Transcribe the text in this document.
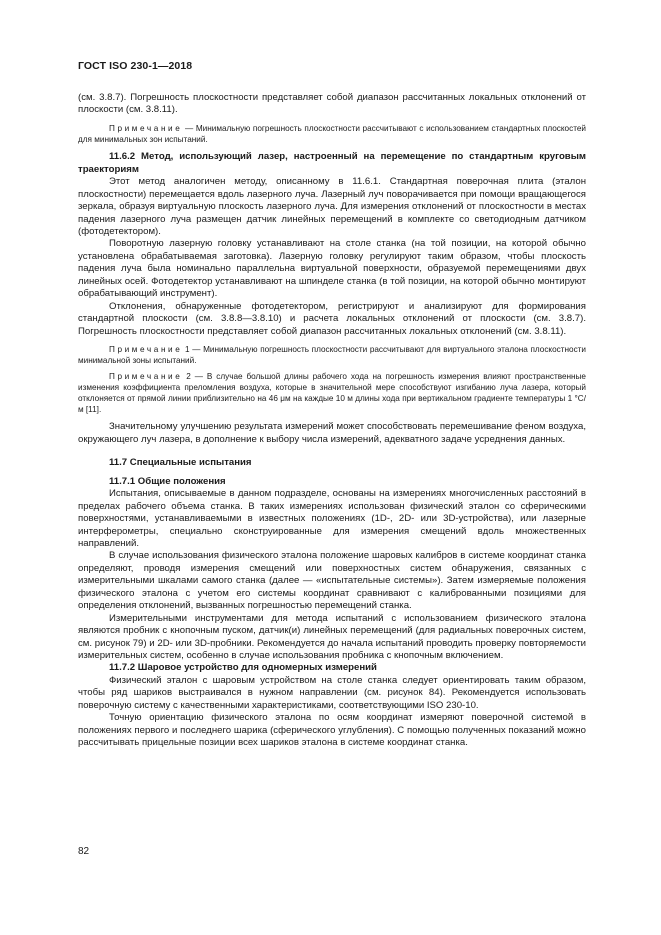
ГОСТ ISO 230-1—2018

(см. 3.8.7). Погрешность плоскостности представляет собой диапазон рассчитанных локальных отклонений от плоскости (см. 3.8.11).

Примечание — Минимальную погрешность плоскостности рассчитывают с использованием стандартных плоскостей для минимальных зон испытаний.

11.6.2 Метод, использующий лазер, настроенный на перемещение по стандартным круговым траекториям

Этот метод аналогичен методу, описанному в 11.6.1. Стандартная поверочная плита (эталон плоскостности) перемещается вдоль лазерного луча. Лазерный луч поворачивается при помощи вращающегося зеркала, образуя виртуальную плоскость лазерного луча. Для измерения отклонений от плоскостности в местах падения лазерного луча размещен датчик линейных перемещений в комплекте со светодиодным датчиком (фотодетектором).

Поворотную лазерную головку устанавливают на столе станка (на той позиции, на которой обычно установлена обрабатываемая заготовка). Лазерную головку регулируют таким образом, чтобы плоскость падения луча была номинально параллельна виртуальной поверхности, образуемой перемещениями двух линейных осей. Фотодетектор устанавливают на шпинделе станка (в той позиции, на которой обычно монтируют обрабатывающий инструмент).

Отклонения, обнаруженные фотодетектором, регистрируют и анализируют для формирования стандартной плоскости (см. 3.8.8—3.8.10) и расчета локальных отклонений от плоскости (см. 3.8.7). Погрешность плоскостности представляет собой диапазон рассчитанных локальных отклонений (см. 3.8.11).

Примечание 1 — Минимальную погрешность плоскостности рассчитывают для виртуального эталона плоскостности минимальной зоны испытаний.

Примечание 2 — В случае большой длины рабочего хода на погрешность измерения влияют пространственные изменения коэффициента преломления воздуха, которые в значительной мере способствуют изгибанию луча лазера, который отклоняется от прямой линии приблизительно на 46 μм на каждые 10 м длины хода при вертикальном градиенте температуры 1 °С/м [11].

Значительному улучшению результата измерений может способствовать перемешивание феном воздуха, окружающего луч лазера, в дополнение к выбору числа измерений, адекватного задаче усреднения данных.

11.7 Специальные испытания

11.7.1 Общие положения

Испытания, описываемые в данном подразделе, основаны на измерениях многочисленных расстояний в пределах рабочего объема станка. В таких измерениях использован физический эталон со сферическими поверхностями, устанавливаемыми в известных положениях (1D-, 2D- или 3D-устройства), или лазерные интерферометры, специально сконструированные для измерения смещений вдоль множественных направлений.

В случае использования физического эталона положение шаровых калибров в системе координат станка определяют, проводя измерения смещений или поверхностных систем обнаружения, связанных с измерительными шкалами самого станка (далее — «испытательные системы»). Затем измеряемые положения физического эталона с учетом его системы координат сравнивают с калиброванными позициями для определения отклонений, вызванных погрешностью перемещений станка.

Измерительными инструментами для метода испытаний с использованием физического эталона являются пробник с кнопочным пуском, датчик(и) линейных перемещений (для радиальных поверочных систем, см. рисунок 79) и 2D- или 3D-пробники. Рекомендуется до начала испытаний проводить проверку повторяемости измерительных систем, особенно в случае использования пробника с кнопочным включением.

11.7.2 Шаровое устройство для одномерных измерений

Физический эталон с шаровым устройством на столе станка следует ориентировать таким образом, чтобы ряд шариков выстраивался в нужном направлении (см. рисунок 84). Рекомендуется использовать поверочную систему с качественными характеристиками, соответствующими ISO 230-10.

Точную ориентацию физического эталона по осям координат измеряют поверочной системой в положениях первого и последнего шарика (сферического углубления). С помощью полученных показаний можно рассчитывать прицельные позиции всех шариков эталона в системе координат станка.

82
